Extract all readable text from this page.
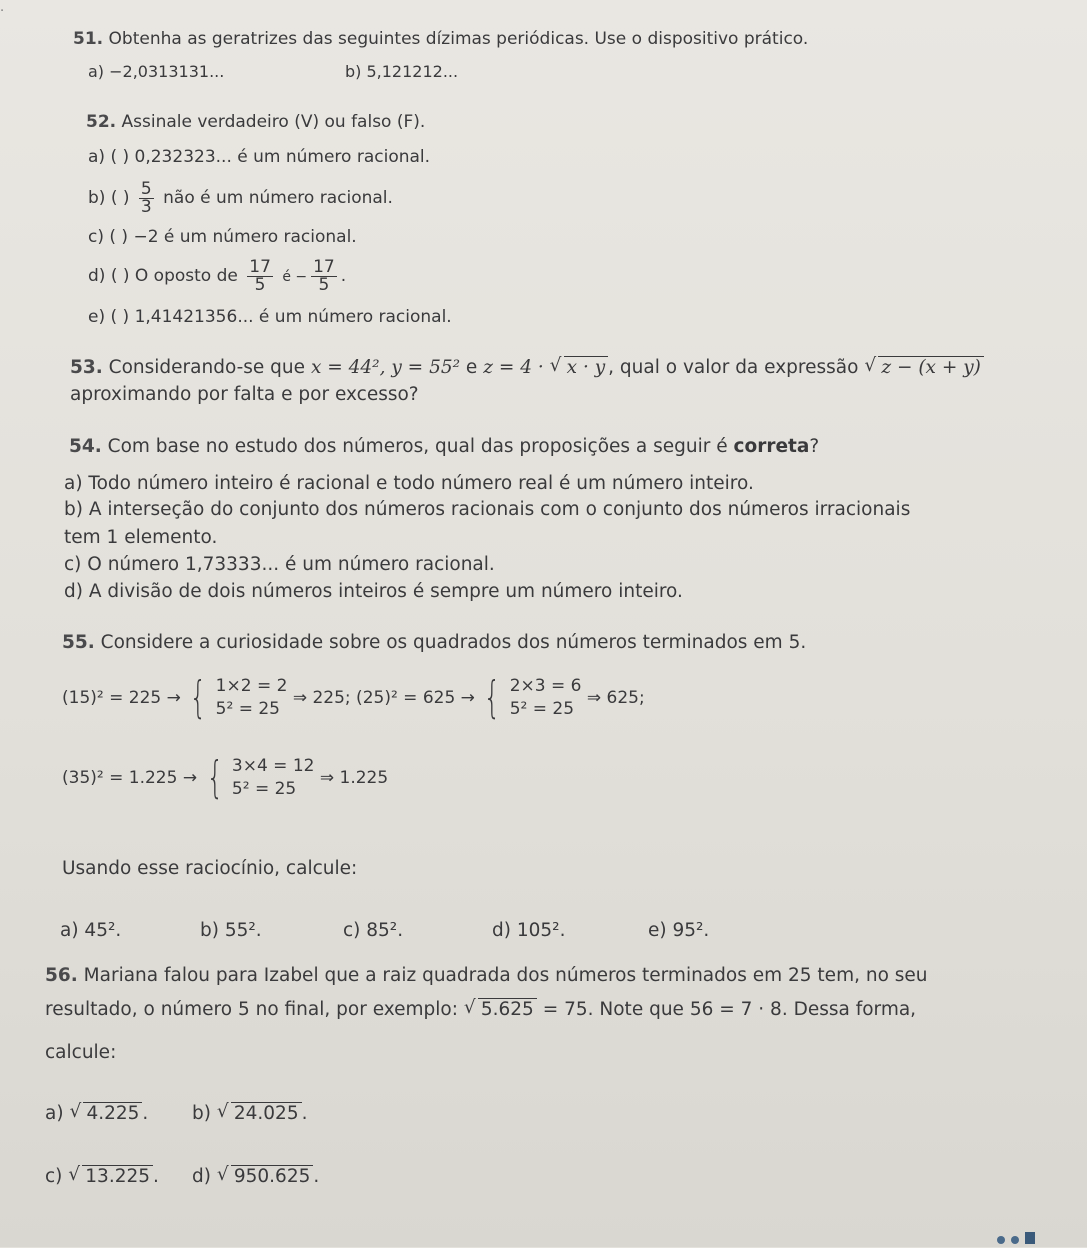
·
51. Obtenha as geratrizes das seguintes dízimas periódicas. Use o dispositivo prático.
a) −2,0313131...	b) 5,121212...
52. Assinale verdadeiro (V) ou falso (F).
a) ( ) 0,232323... é um número racional.
b) ( ) $\frac{5}{3}$ não é um número racional.
c) ( ) −2 é um número racional.
d) ( ) O oposto de $\frac{17}{5}$ é − $\frac{17}{5}$ .
e) ( ) 1,41421356... é um número racional.
53. Considerando-se que x = 44², y = 55² e z = 4 · √ x · y , qual o valor da expressão √ z − (x + y)
aproximando por falta e por excesso?
54. Com base no estudo dos números, qual das proposições a seguir é correta?
a) Todo número inteiro é racional e todo número real é um número inteiro.
b) A interseção do conjunto dos números racionais com o conjunto dos números irracionais
tem 1 elemento.
c) O número 1,73333... é um número racional.
d) A divisão de dois números inteiros é sempre um número inteiro.
55. Considere a curiosidade sobre os quadrados dos números terminados em 5.
(15)² = 225 → { 1×2 = 2
5² = 25
⇒ 225; (25)² = 625 → { 2×3 = 6
5² = 25
⇒ 625;
(35)² = 1.225 → { 3×4 = 12
5² = 25
⇒ 1.225
Usando esse raciocínio, calcule:
a) 45².	b) 55².	c) 85².	d) 105².	e) 95².
56. Mariana falou para Izabel que a raiz quadrada dos números terminados em 25 tem, no seu
resultado, o número 5 no final, por exemplo: √ 5.625 = 75. Note que 56 = 7 · 8. Dessa forma,
calcule:
a) √ 4.225 . b) √ 24.025 .
c) √ 13.225 . d) √ 950.625 .
